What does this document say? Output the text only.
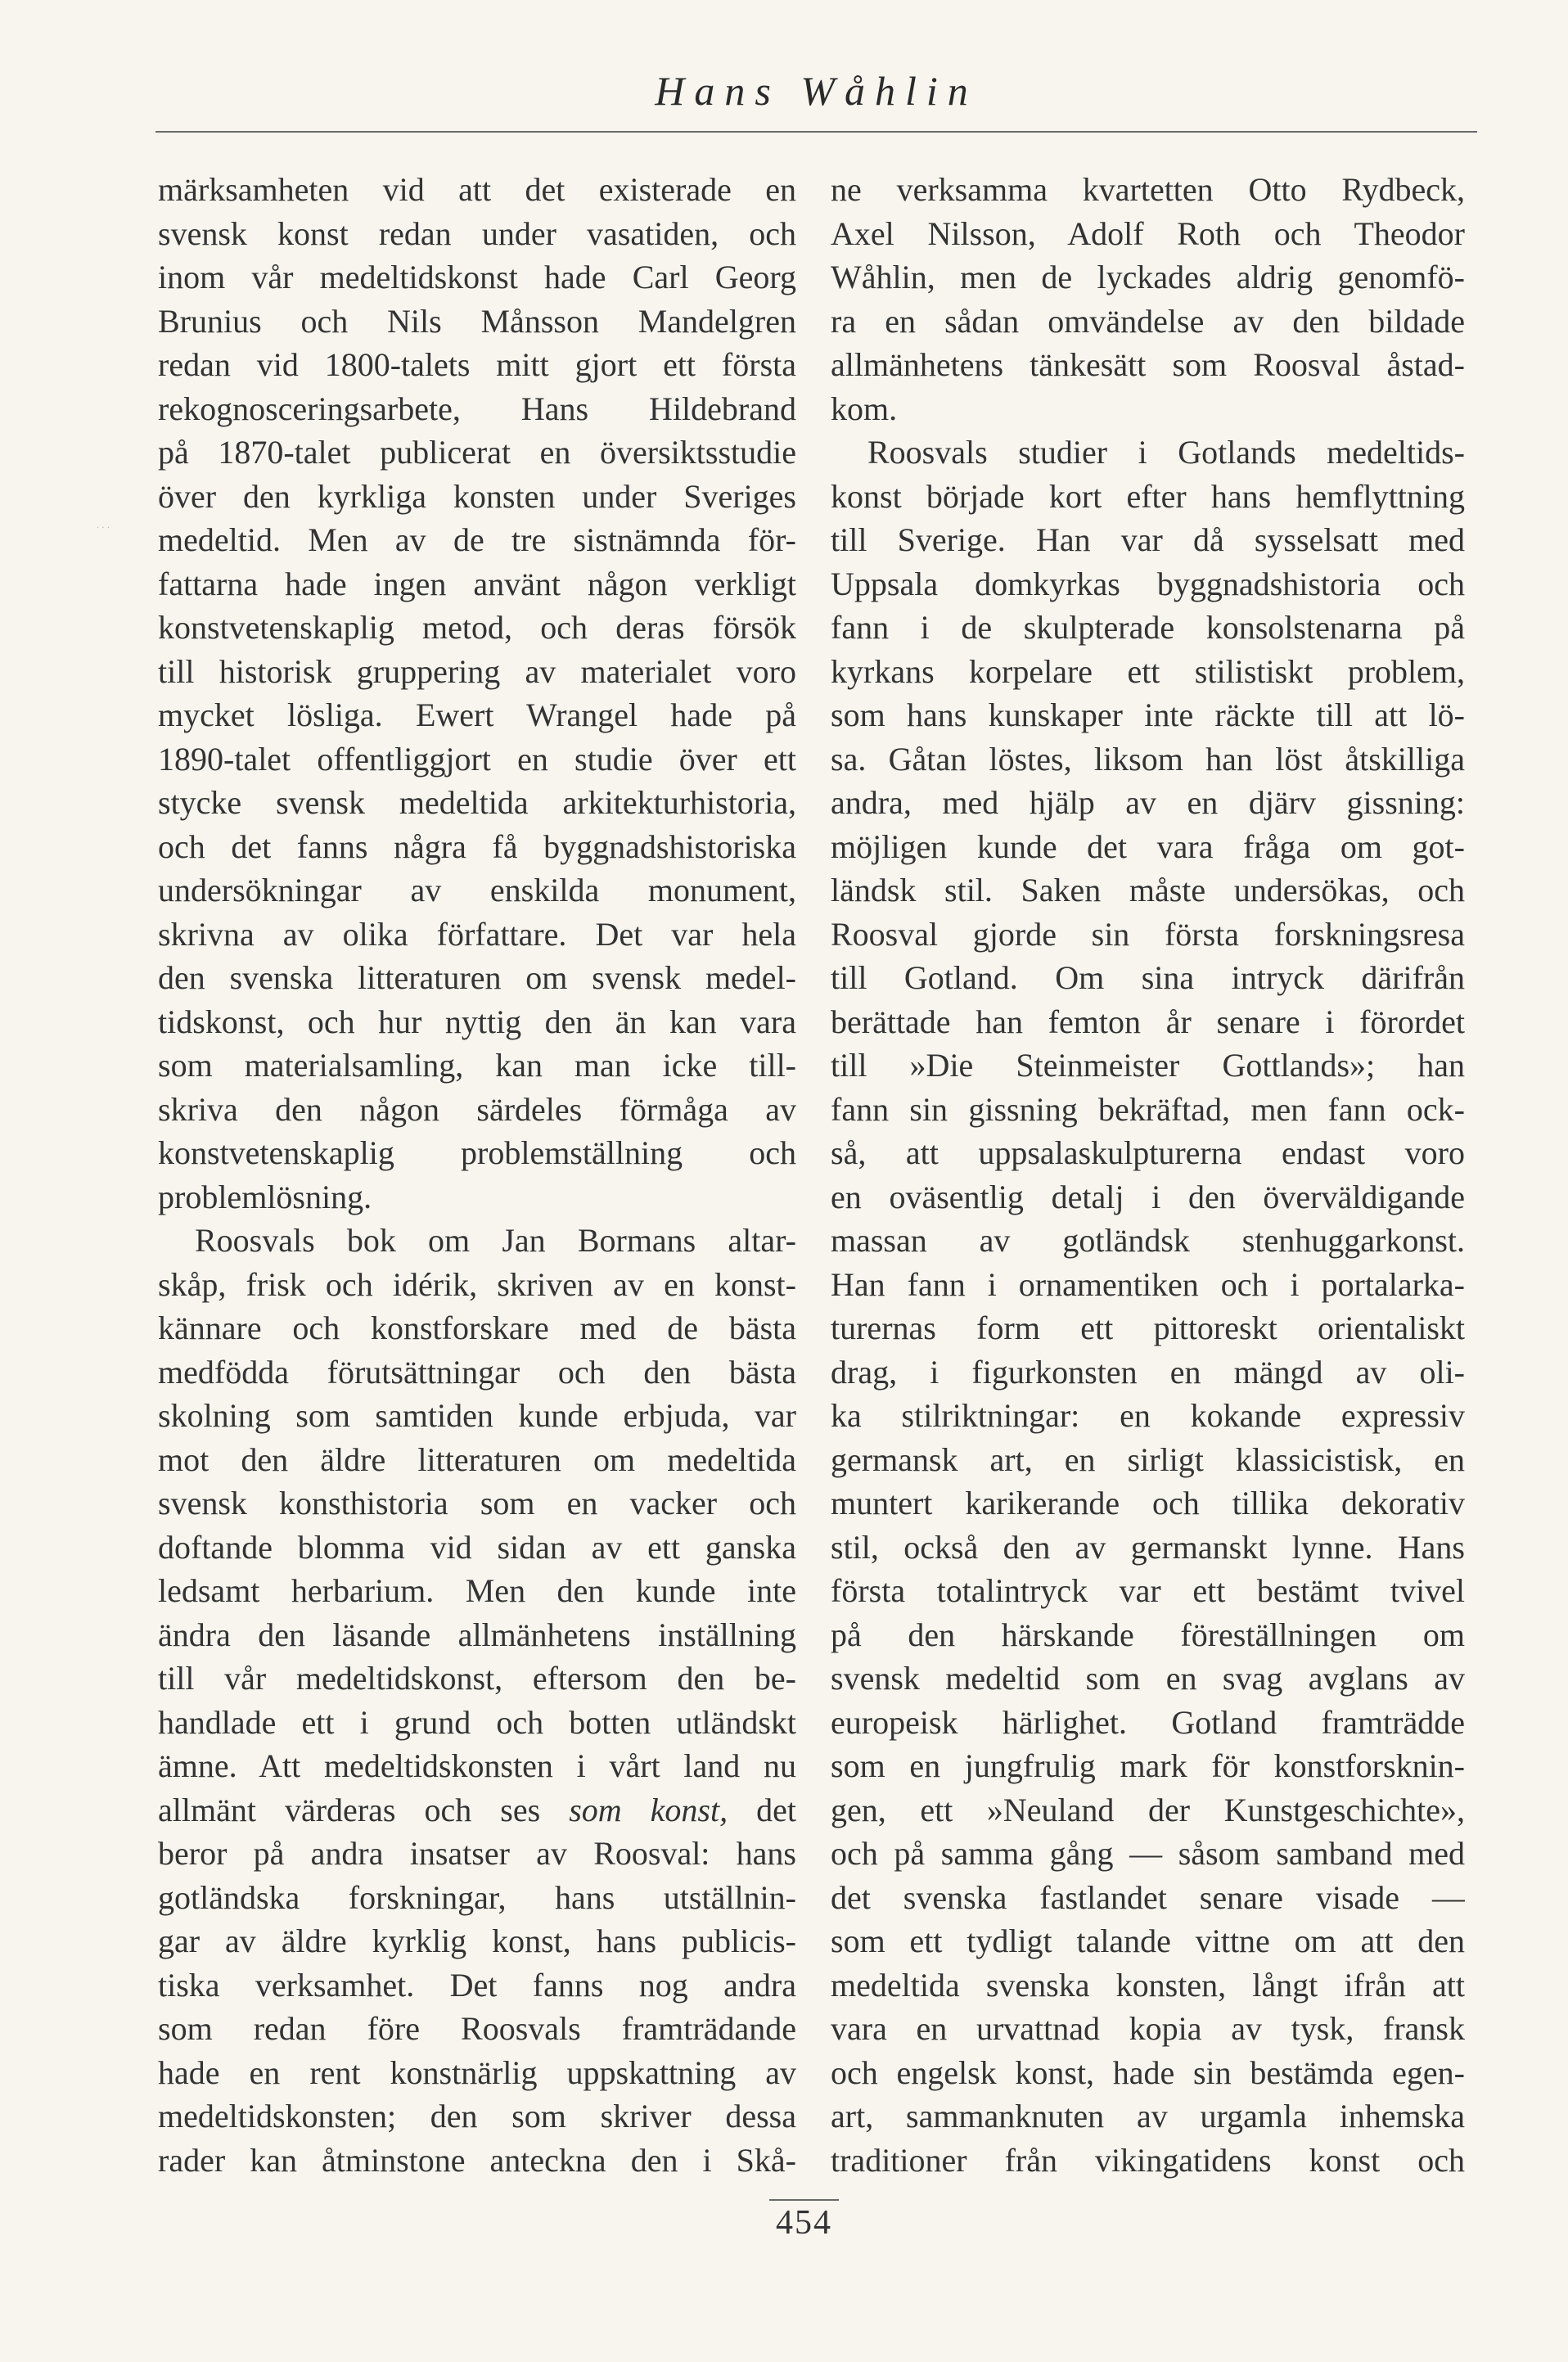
Hans Wåhlin
· · ·
märksamheten vid att det existerade en
svensk konst redan under vasatiden, och
inom vår medeltidskonst hade Carl Georg
Brunius och Nils Månsson Mandelgren
redan vid 1800-talets mitt gjort ett första
rekognosceringsarbete, Hans Hildebrand
på 1870-talet publicerat en översiktsstudie
över den kyrkliga konsten under Sveriges
medeltid. Men av de tre sistnämnda för-
fattarna hade ingen använt någon verkligt
konstvetenskaplig metod, och deras försök
till historisk gruppering av materialet voro
mycket lösliga. Ewert Wrangel hade på
1890-talet offentliggjort en studie över ett
stycke svensk medeltida arkitekturhistoria,
och det fanns några få byggnadshistoriska
undersökningar av enskilda monument,
skrivna av olika författare. Det var hela
den svenska litteraturen om svensk medel-
tidskonst, och hur nyttig den än kan vara
som materialsamling, kan man icke till-
skriva den någon särdeles förmåga av
konstvetenskaplig problemställning och
problemlösning.
Roosvals bok om Jan Bormans altar-
skåp, frisk och idérik, skriven av en konst-
kännare och konstforskare med de bästa
medfödda förutsättningar och den bästa
skolning som samtiden kunde erbjuda, var
mot den äldre litteraturen om medeltida
svensk konsthistoria som en vacker och
doftande blomma vid sidan av ett ganska
ledsamt herbarium. Men den kunde inte
ändra den läsande allmänhetens inställning
till vår medeltidskonst, eftersom den be-
handlade ett i grund och botten utländskt
ämne. Att medeltidskonsten i vårt land nu
allmänt värderas och ses som konst, det
beror på andra insatser av Roosval: hans
gotländska forskningar, hans utställnin-
gar av äldre kyrklig konst, hans publicis-
tiska verksamhet. Det fanns nog andra
som redan före Roosvals framträdande
hade en rent konstnärlig uppskattning av
medeltidskonsten; den som skriver dessa
rader kan åtminstone anteckna den i Skå-
ne verksamma kvartetten Otto Rydbeck,
Axel Nilsson, Adolf Roth och Theodor
Wåhlin, men de lyckades aldrig genomfö-
ra en sådan omvändelse av den bildade
allmänhetens tänkesätt som Roosval åstad-
kom.
Roosvals studier i Gotlands medeltids-
konst började kort efter hans hemflyttning
till Sverige. Han var då sysselsatt med
Uppsala domkyrkas byggnadshistoria och
fann i de skulpterade konsolstenarna på
kyrkans korpelare ett stilistiskt problem,
som hans kunskaper inte räckte till att lö-
sa. Gåtan löstes, liksom han löst åtskilliga
andra, med hjälp av en djärv gissning:
möjligen kunde det vara fråga om got-
ländsk stil. Saken måste undersökas, och
Roosval gjorde sin första forskningsresa
till Gotland. Om sina intryck därifrån
berättade han femton år senare i förordet
till »Die Steinmeister Gottlands»; han
fann sin gissning bekräftad, men fann ock-
så, att uppsalaskulpturerna endast voro
en oväsentlig detalj i den överväldigande
massan av gotländsk stenhuggarkonst.
Han fann i ornamentiken och i portalarka-
turernas form ett pittoreskt orientaliskt
drag, i figurkonsten en mängd av oli-
ka stilriktningar: en kokande expressiv
germansk art, en sirligt klassicistisk, en
muntert karikerande och tillika dekorativ
stil, också den av germanskt lynne. Hans
första totalintryck var ett bestämt tvivel
på den härskande föreställningen om
svensk medeltid som en svag avglans av
europeisk härlighet. Gotland framträdde
som en jungfrulig mark för konstforsknin-
gen, ett »Neuland der Kunstgeschichte»,
och på samma gång — såsom samband med
det svenska fastlandet senare visade —
som ett tydligt talande vittne om att den
medeltida svenska konsten, långt ifrån att
vara en urvattnad kopia av tysk, fransk
och engelsk konst, hade sin bestämda egen-
art, sammanknuten av urgamla inhemska
traditioner från vikingatidens konst och
454
